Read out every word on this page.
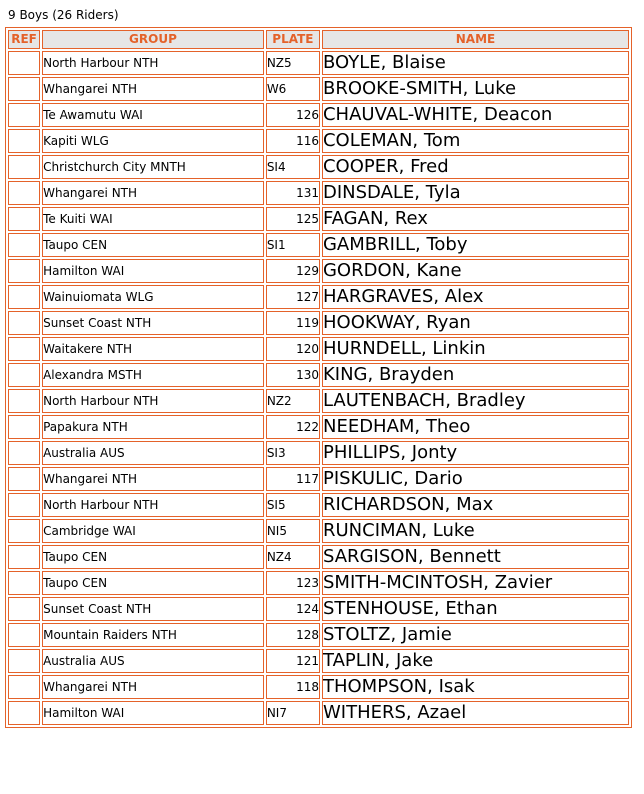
9 Boys (26 Riders)
REF	GROUP	PLATE	NAME
	North Harbour NTH	NZ5	BOYLE, Blaise
	Whangarei NTH	W6	BROOKE-SMITH, Luke
	Te Awamutu WAI	126	CHAUVAL-WHITE, Deacon
	Kapiti WLG	116	COLEMAN, Tom
	Christchurch City MNTH	SI4	COOPER, Fred
	Whangarei NTH	131	DINSDALE, Tyla
	Te Kuiti WAI	125	FAGAN, Rex
	Taupo CEN	SI1	GAMBRILL, Toby
	Hamilton WAI	129	GORDON, Kane
	Wainuiomata WLG	127	HARGRAVES, Alex
	Sunset Coast NTH	119	HOOKWAY, Ryan
	Waitakere NTH	120	HURNDELL, Linkin
	Alexandra MSTH	130	KING, Brayden
	North Harbour NTH	NZ2	LAUTENBACH, Bradley
	Papakura NTH	122	NEEDHAM, Theo
	Australia AUS	SI3	PHILLIPS, Jonty
	Whangarei NTH	117	PISKULIC, Dario
	North Harbour NTH	SI5	RICHARDSON, Max
	Cambridge WAI	NI5	RUNCIMAN, Luke
	Taupo CEN	NZ4	SARGISON, Bennett
	Taupo CEN	123	SMITH-MCINTOSH, Zavier
	Sunset Coast NTH	124	STENHOUSE, Ethan
	Mountain Raiders NTH	128	STOLTZ, Jamie
	Australia AUS	121	TAPLIN, Jake
	Whangarei NTH	118	THOMPSON, Isak
	Hamilton WAI	NI7	WITHERS, Azael
